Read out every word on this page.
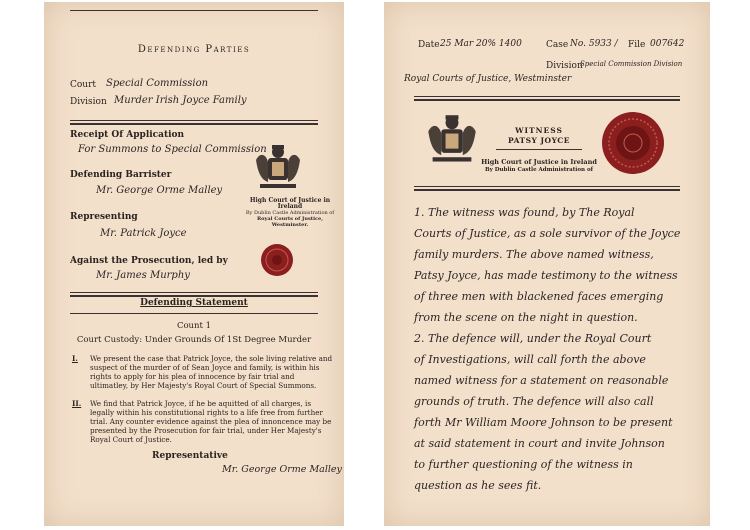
Defending Parties
Court Special Commission
Division Murder Irish Joyce Family
Receipt Of Application
For Summons to Special Commission
Defending Barrister
Mr. George Orme Malley
Representing
Mr. Patrick Joyce
Against the Prosecution, led by
Mr. James Murphy
High Court of Justice in Ireland
By Dublin Castle Administration of
Royal Courts of Justice,
Westminster.
Defending Statement
Count 1
Court Custody: Under Grounds Of 1St Degree Murder
I. We present the case that Patrick Joyce, the sole living relative and suspect of the murder of of Sean Joyce and family, is within his rights to apply for his plea of innocence by fair trial and ultimatley, by Her Majesty's Royal Court of Special Summons.
II. We find that Patrick Joyce, if he be aquitted of all charges, is legally within his constitutional rights to a life free from further trial. Any counter evidence against the plea of innoncence may be presented by the Prosecution for fair trial, under Her Majesty's Royal Court of Justice.
Representative
Mr. George Orme Malley
Date 25 Mar 20% 1400	Case No. 5933 / File 007642
Division
Special Commission Division
Royal Courts of Justice, Westminster
WITNESS
PATSY JOYCE
High Court of Justice in Ireland
By Dublin Castle Administration of
1. The witness was found, by The Royal
Courts of Justice, as a sole survivor of the Joyce
family murders. The above named witness,
Patsy Joyce, has made testimony to the witness
of three men with blackened faces emerging
from the scene on the night in question.
2. The defence will, under the Royal Court
of Investigations, will call forth the above
named witness for a statement on reasonable
grounds of truth. The defence will also call
forth Mr William Moore Johnson to be present
at said statement in court and invite Johnson
to further questioning of the witness in
question as he sees fit.
